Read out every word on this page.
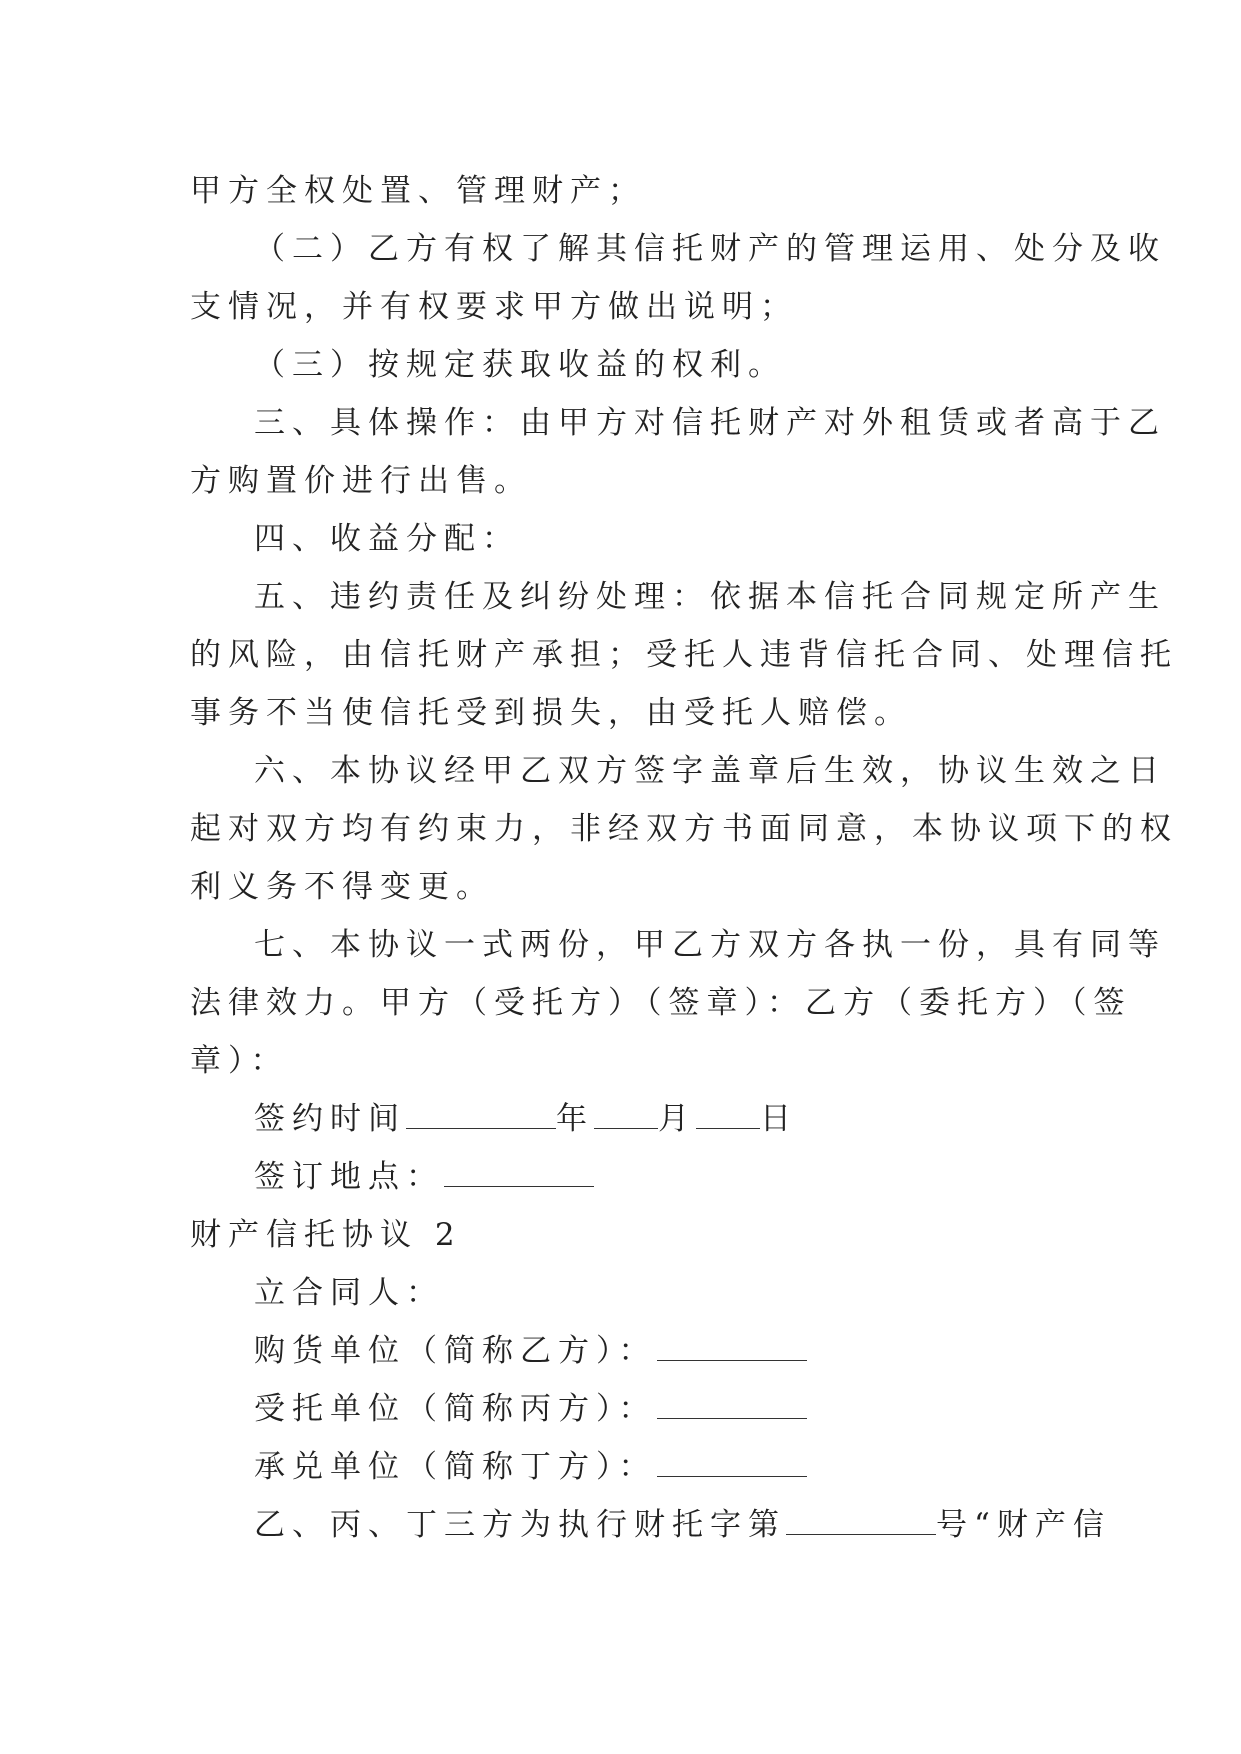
甲方全权处置、管理财产；

（二）乙方有权了解其信托财产的管理运用、处分及收

支情况，并有权要求甲方做出说明；

（三）按规定获取收益的权利。

三、具体操作：由甲方对信托财产对外租赁或者高于乙

方购置价进行出售。

四、收益分配：

五、违约责任及纠纷处理：依据本信托合同规定所产生

的风险，由信托财产承担；受托人违背信托合同、处理信托

事务不当使信托受到损失，由受托人赔偿。

六、本协议经甲乙双方签字盖章后生效，协议生效之日

起对双方均有约束力，非经双方书面同意，本协议项下的权

利义务不得变更。

七、本协议一式两份，甲乙方双方各执一份，具有同等

法律效力。甲方（受托方）（签章）：乙方（委托方）（签

章）：

签约时间	年 月 日

签订地点：

财产信托协议 2

立合同人：

购货单位（简称乙方）：

受托单位（简称丙方）：

承兑单位（简称丁方）：

乙、丙、丁三方为执行财托字第	号“财产信
